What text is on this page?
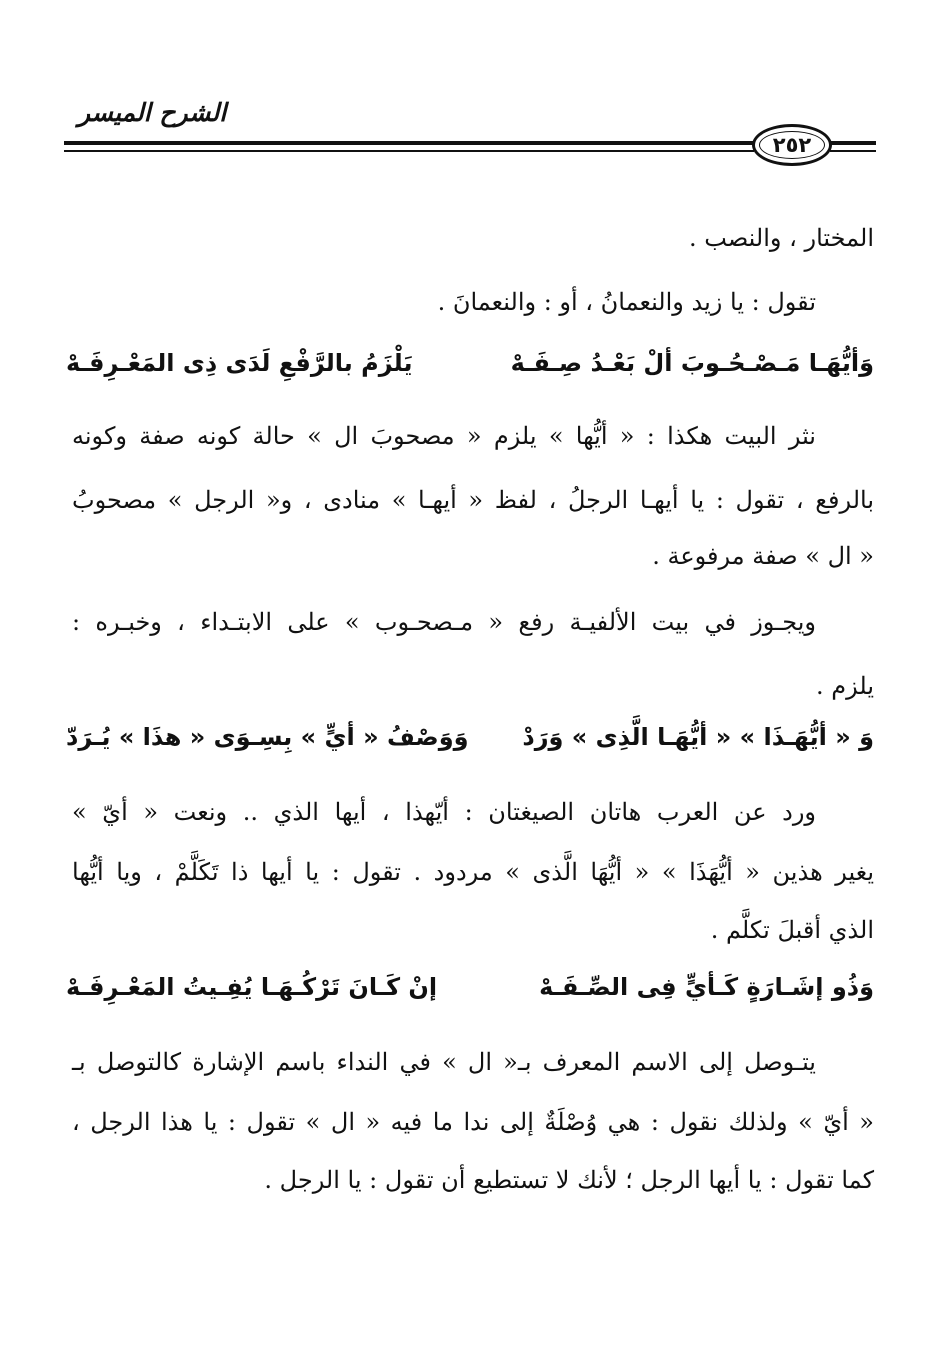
الشرح الميسر
٢٥٢
المختار ، والنصب .
تقول : يا زيد والنعمانُ ، أو : والنعمانَ .
وَأيُّهَـا مَـصْـحُـوبَ ألْ بَعْـدُ صِـفَـهْ
يَلْزَمُ بالرَّفْعِ لَدَى ذِى المَعْـرِفَـهْ
نثر البيت هكذا : « أيُّها » يلزم « مصحوبَ ال » حالة كونه صفة وكونه
بالرفع ، تقول : يا أيهـا الرجلُ ، لفظ « أيهـا » منادى ، و« الرجل » مصحوبُ
« ال » صفة مرفوعة .
ويجـوز في بيت الألفيـة رفع « مـصحـوب » على الابتـداء ، وخبـره :
يلزم .
وَ « أيُّهَـذَا » « أيُّهَـا الَّذِى » وَرَدْ
وَوَصْفُ « أيٍّ » بِسِـوَى « هذَا » يُـرَدّ
ورد عن العرب هاتان الصيغتان : أيّهذا ، أيها الذي .. ونعت « أيّ »
يغير هذين « أيُّهَذَا » « أيُّهَا الَّذى » مردود . تقول : يا أيها ذا تَكَلَّمْ ، ويا أيُّها
الذي أقبلَ تكلَّم .
وَذُو إشَـارَةٍ كَـأيٍّ فِى الصِّـفَـهْ
إنْ كَـانَ تَرْكُـهَـا يُفِـيتُ المَعْـرِفَـهْ
يتـوصل إلى الاسم المعرف بـ« ال » في النداء باسم الإشارة كالتوصل بـ
« أيّ » ولذلك نقول : هي وُصْلَةٌ إلى ندا ما فيه « ال » تقول : يا هذا الرجل ،
كما تقول : يا أيها الرجل ؛ لأنك لا تستطيع أن تقول : يا الرجل .
